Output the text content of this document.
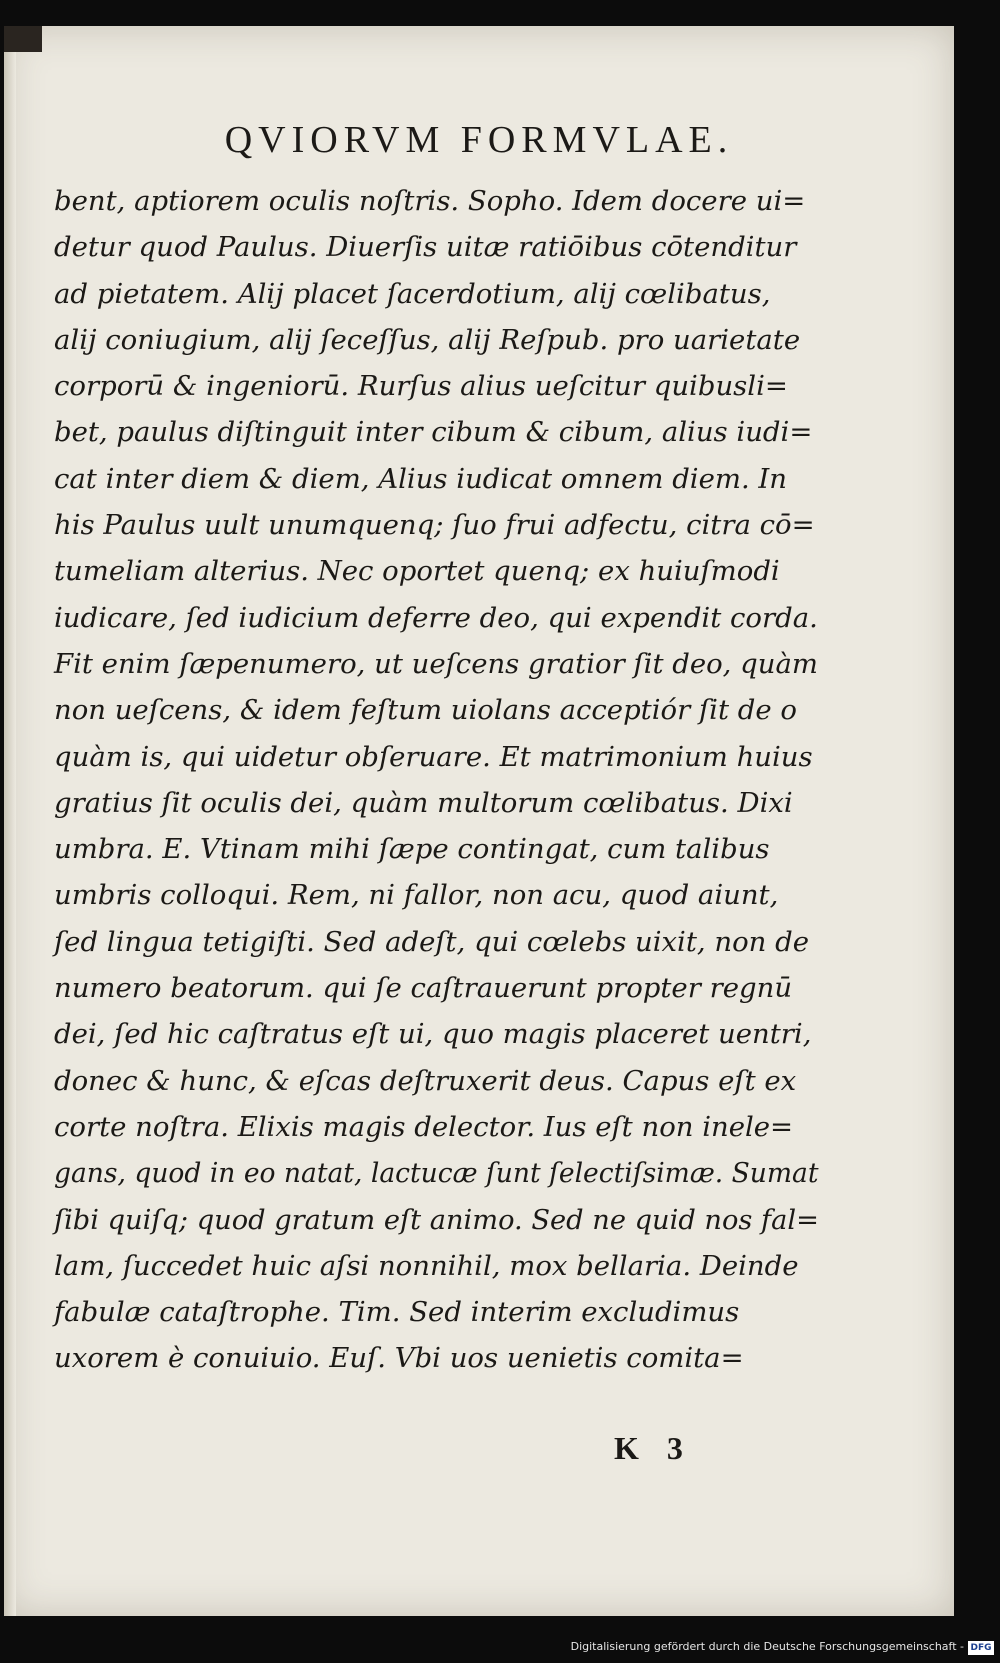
QVIORVM FORMVLAE.
bent, aptiorem oculis noſtris. Sopho. Idem docere ui=
detur quod Paulus. Diuerſis uitæ ratiōibus cōtenditur
ad pietatem. Alij placet ſacerdotium, alij cœlibatus,
alij coniugium, alij ſeceſſus, alij Reſpub. pro uarietate
corporū & ingeniorū. Rurſus alius ueſcitur quibusli=
bet, paulus diſtinguit inter cibum & cibum, alius iudi=
cat inter diem & diem, Alius iudicat omnem diem. In
his Paulus uult unumquenq; ſuo frui adfectu, citra cō=
tumeliam alterius. Nec oportet quenq; ex huiuſmodi
iudicare, ſed iudicium deferre deo, qui expendit corda.
Fit enim ſæpenumero, ut ueſcens gratior ſit deo, quàm
non ueſcens, & idem feſtum uiolans acceptiór ſit de o
quàm is, qui uidetur obſeruare. Et matrimonium huius
gratius ſit oculis dei, quàm multorum cœlibatus. Dixi
umbra. E. Vtinam mihi ſæpe contingat, cum talibus
umbris colloqui. Rem, ni fallor, non acu, quod aiunt,
ſed lingua tetigiſti. Sed adeſt, qui cœlebs uixit, non de
numero beatorum. qui ſe caſtrauerunt propter regnū
dei, ſed hic caſtratus eſt ui, quo magis placeret uentri,
donec & hunc, & eſcas deſtruxerit deus. Capus eſt ex
corte noſtra. Elixis magis delector. Ius eſt non inele=
gans, quod in eo natat, lactucæ ſunt ſelectiſsimæ. Sumat
ſibi quiſq; quod gratum eſt animo. Sed ne quid nos fal=
lam, ſuccedet huic aſsi nonnihil, mox bellaria. Deinde
fabulæ cataſtrophe. Tim. Sed interim excludimus
uxorem è conuiuio. Euſ. Vbi uos uenietis comita=
K 3
Digitalisierung gefördert durch die Deutsche Forschungsgemeinschaft - DFG
